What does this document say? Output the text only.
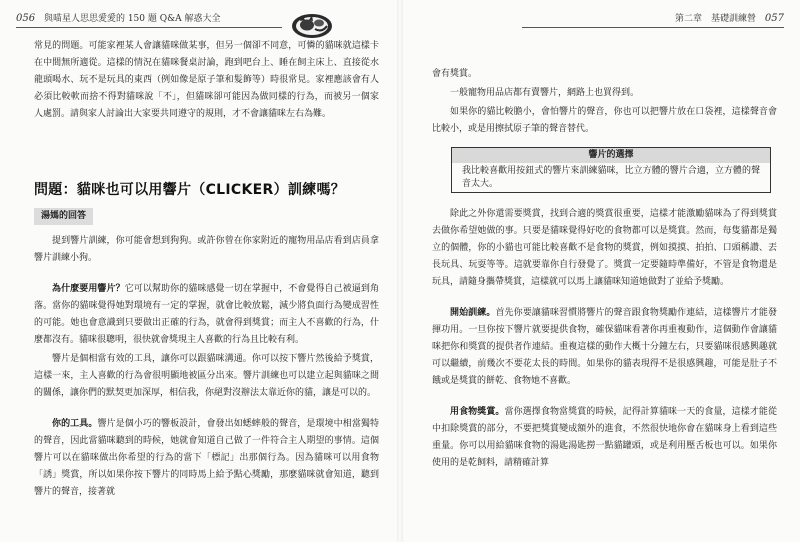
056 與喵星人思思愛愛的 150 題 Q&A 解惑大全

常見的問題。可能家裡某人會讓貓咪做某事，但另一個卻不同意，可憐的貓咪就這樣卡在中間無所適從。這樣的情況在貓咪餐桌討論，跑到吧台上、睡在飼主床上、直接從水龍頭喝水、玩不是玩具的東西（例如像是原子筆和髮飾等）時很常見。家裡應該會有人必須比較軟而捨不得對貓咪說「不」，但貓咪卻可能因為做同樣的行為，而被另一個家人處罰。請與家人討論出大家要共同遵守的規則，才不會讓貓咪左右為難。

問題：貓咪也可以用響片（CLICKER）訓練嗎？
湯媽的回答

提到響片訓練，你可能會想到狗狗。或許你曾在你家附近的寵物用品店看到店員拿響片訓練小狗。

為什麼要用響片？它可以幫助你的貓咪感覺一切在掌握中，不會覺得自己被逼到角落。當你的貓咪覺得她對環境有一定的掌握，就會比較放鬆，減少將負面行為變成習性的可能。她也會意識到只要做出正確的行為，就會得到獎賞；而主人不喜歡的行為，什麼都沒有。貓咪很聰明，很快就會獎現主人喜歡的行為且比較有利。

響片是個相當有效的工具，讓你可以跟貓咪溝通。你可以按下響片然後給予獎賞，這樣一來，主人喜歡的行為會很明顯地被區分出來。響片訓練也可以建立起與貓咪之間的關係，讓你們的默契更加深厚，相信我，你絕對沒辦法太靠近你的貓，讓是可以的。

你的工具。響片是個小巧的響板設計，會發出如蟋蟀般的聲音，是環境中相當獨特的聲音，因此當貓咪聽到的時候，她就會知道自己做了一件符合主人期望的事情。這個響片可以在貓咪做出你希望的行為的當下「標記」出那個行為。因為貓咪可以用食物「誘」獎賞，所以如果你按下響片的同時馬上給予點心獎勵，那麼貓咪就會知道，聽到響片的聲音，接著就

第二章　基礎訓練營 057

會有獎賞。

一般寵物用品店都有賣響片，網路上也買得到。

如果你的貓比較膽小，會怕響片的聲音，你也可以把響片放在口袋裡，這樣聲音會比較小，或是用擦拭原子筆的聲音替代。

響片的選擇
我比較喜歡用按鈕式的響片來訓練貓咪，比立方體的響片合適，立方體的聲音太大。

除此之外你還需要獎賞，找到合適的獎賞很重要，這樣才能激勵貓咪為了得到獎賞去做你希望她做的事。只要是貓咪覺得好吃的食物都可以是獎賞。然而，每隻貓都是獨立的個體，你的小貓也可能比較喜歡不是食物的獎賞，例如摸摸、拍拍、口頭稱讚、丟長玩具、玩耍等等。這就要靠你自行發覺了。獎賞一定要隨時準備好，不管是食物還是玩具，請隨身攜帶獎賞，這樣就可以馬上讓貓咪知道她做對了並給予獎勵。

開始訓練。首先你要讓貓咪習慣將響片的聲音跟食物獎勵作連結，這樣響片才能發揮功用。一旦你按下響片就要提供食物，確保貓咪看著你再重複動作，這個動作會讓貓咪把你和獎賞的提供者作連結。重複這樣的動作大概十分鐘左右，只要貓咪很感興趣就可以繼續，前幾次不要花太長的時間。如果你的貓表現得不是很感興趣，可能是肚子不餓或是獎賞的餅乾、食物她不喜歡。

用食物獎賞。當你選擇食物當獎賞的時候，記得計算貓咪一天的食量，這樣才能從中扣除獎賞的部分，不要把獎賞變成額外的進食，不然很快地你會在貓咪身上看到這些重量。你可以用給貓咪食物的湯匙湯匙撈一點貓罐頭，或是利用壓舌板也可以。如果你使用的是乾飼料，請精確計算
